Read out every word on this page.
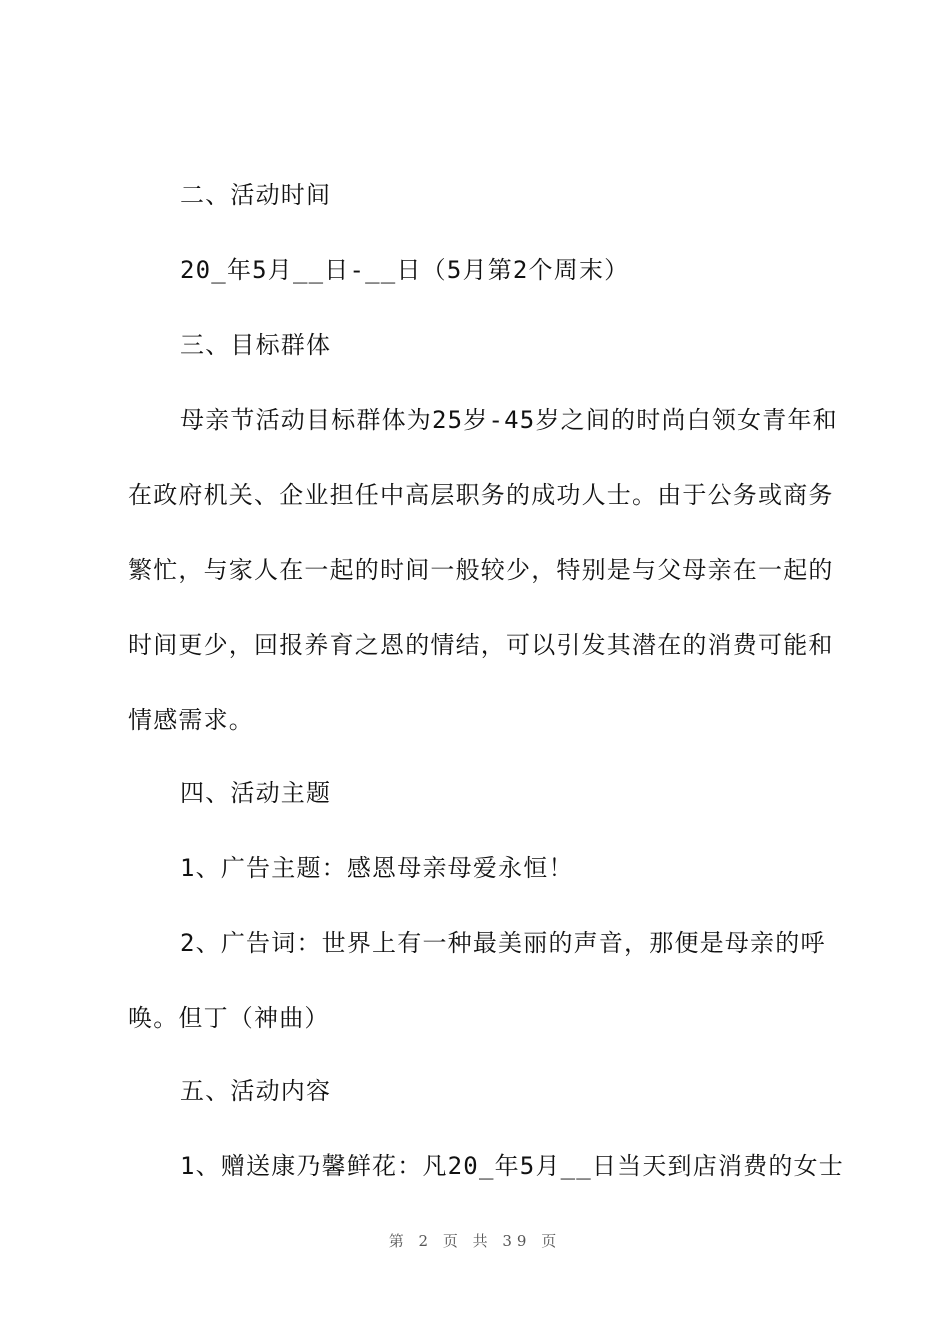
二、活动时间
20_年5月__日-__日（5月第2个周末）
三、目标群体
母亲节活动目标群体为25岁-45岁之间的时尚白领女青年和
在政府机关、企业担任中高层职务的成功人士。由于公务或商务
繁忙，与家人在一起的时间一般较少，特别是与父母亲在一起的
时间更少，回报养育之恩的情结，可以引发其潜在的消费可能和
情感需求。
四、活动主题
1、广告主题：感恩母亲母爱永恒！
2、广告词：世界上有一种最美丽的声音，那便是母亲的呼
唤。但丁（神曲）
五、活动内容
1、赠送康乃馨鲜花：凡20_年5月__日当天到店消费的女士
第 2 页 共 39 页
